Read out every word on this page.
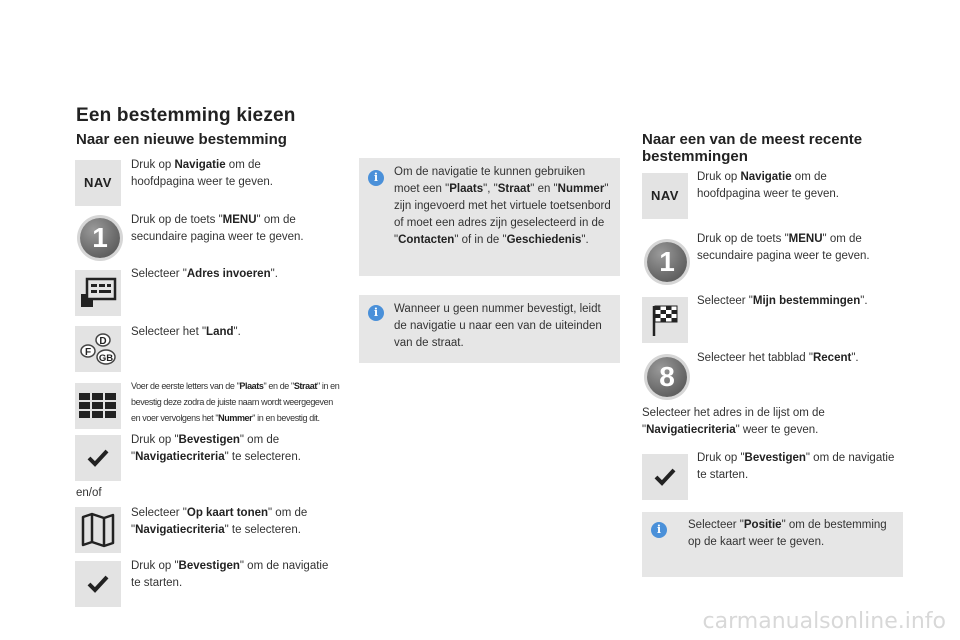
Een bestemming kiezen
Naar een nieuwe bestemming
NAV
Druk op Navigatie om de hoofdpagina weer te geven.
1
Druk op de toets "MENU" om de secundaire pagina weer te geven.
Selecteer "Adres invoeren".
D
F
GB
Selecteer het "Land".
Voer de eerste letters van de "Plaats" en de "Straat" in en bevestig deze zodra de juiste naam wordt weergegeven en voer vervolgens het "Nummer" in en bevestig dit.
Druk op "Bevestigen" om de "Navigatiecriteria" te selecteren.
en/of
Selecteer "Op kaart tonen" om de "Navigatiecriteria" te selecteren.
Druk op "Bevestigen" om de navigatie te starten.
i	Om de navigatie te kunnen gebruiken moet een "Plaats", "Straat" en "Nummer" zijn ingevoerd met het virtuele toetsenbord of moet een adres zijn geselecteerd in de "Contacten" of in de "Geschiedenis".
i	Wanneer u geen nummer bevestigt, leidt de navigatie u naar een van de uiteinden van de straat.
Naar een van de meest recente bestemmingen
NAV
Druk op Navigatie om de hoofdpagina weer te geven.
1
Druk op de toets "MENU" om de secundaire pagina weer te geven.
Selecteer "Mijn bestemmingen".
8
Selecteer het tabblad "Recent".
Selecteer het adres in de lijst om de "Navigatiecriteria" weer te geven.
Druk op "Bevestigen" om de navigatie te starten.
i	Selecteer "Positie" om de bestemming op de kaart weer te geven.
carmanualsonline.info
